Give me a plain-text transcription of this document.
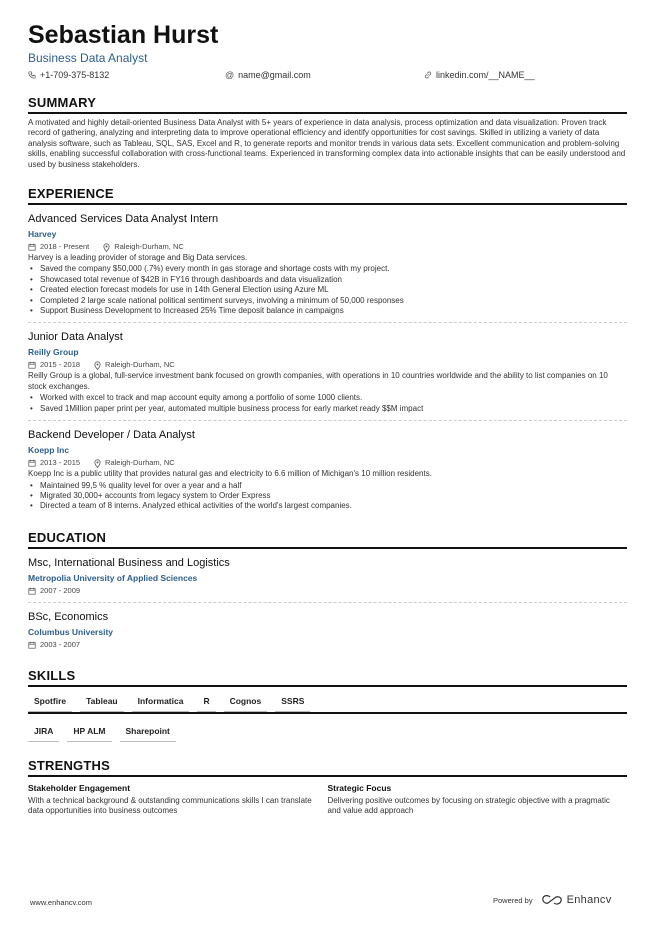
Sebastian Hurst
Business Data Analyst
+1-709-375-8132	@ name@gmail.com	linkedin.com/__NAME__
SUMMARY
A motivated and highly detail-oriented Business Data Analyst with 5+ years of experience in data analysis, process optimization and data visualization. Proven track record of gathering, analyzing and interpreting data to improve operational efficiency and identify opportunities for cost savings. Skilled in utilizing a variety of data analysis software, such as Tableau, SQL, SAS, Excel and R, to generate reports and monitor trends in various data sets. Excellent communication and problem-solving skills, enabling successful collaboration with cross-functional teams. Experienced in transforming complex data into actionable insights that can be easily understood and used by business stakeholders.
EXPERIENCE
Advanced Services Data Analyst Intern
Harvey
2018 - Present	Raleigh-Durham, NC
Harvey is a leading provider of storage and Big Data services.
• Saved the company $50,000 (.7%) every month in gas storage and shortage costs with my project.
• Showcased total revenue of $42B in FY16 through dashboards and data visualization
• Created election forecast models for use in 14th General Election using Azure ML
• Completed 2 large scale national political sentiment surveys, involving a minimum of 50,000 responses
• Support Business Development to Increased 25% Time deposit balance in campaigns
Junior Data Analyst
Reilly Group
2015 - 2018	Raleigh-Durham, NC
Reilly Group is a global, full-service investment bank focused on growth companies, with operations in 10 countries worldwide and the ability to list companies on 10 stock exchanges.
• Worked with excel to track and map account equity among a portfolio of some 1000 clients.
• Saved 1Million paper print per year, automated multiple business process for early market ready $$M impact
Backend Developer / Data Analyst
Koepp Inc
2013 - 2015	Raleigh-Durham, NC
Koepp Inc is a public utility that provides natural gas and electricity to 6.6 million of Michigan's 10 million residents.
• Maintained 99,5 % quality level for over a year and a half
• Migrated 30,000+ accounts from legacy system to Order Express
• Directed a team of 8 interns. Analyzed ethical activities of the world's largest companies.
EDUCATION
Msc, International Business and Logistics
Metropolia University of Applied Sciences
2007 - 2009
BSc, Economics
Columbus University
2003 - 2007
SKILLS
Spotfire	Tableau	Informatica	R	Cognos	SSRS
JIRA	HP ALM	Sharepoint
STRENGTHS
Stakeholder Engagement
With a technical background & outstanding communications skills I can translate data opportunities into business outcomes
Strategic Focus
Delivering positive outcomes by focusing on strategic objective with a pragmatic and value add approach
www.enhancv.com	Powered by	Enhancv
